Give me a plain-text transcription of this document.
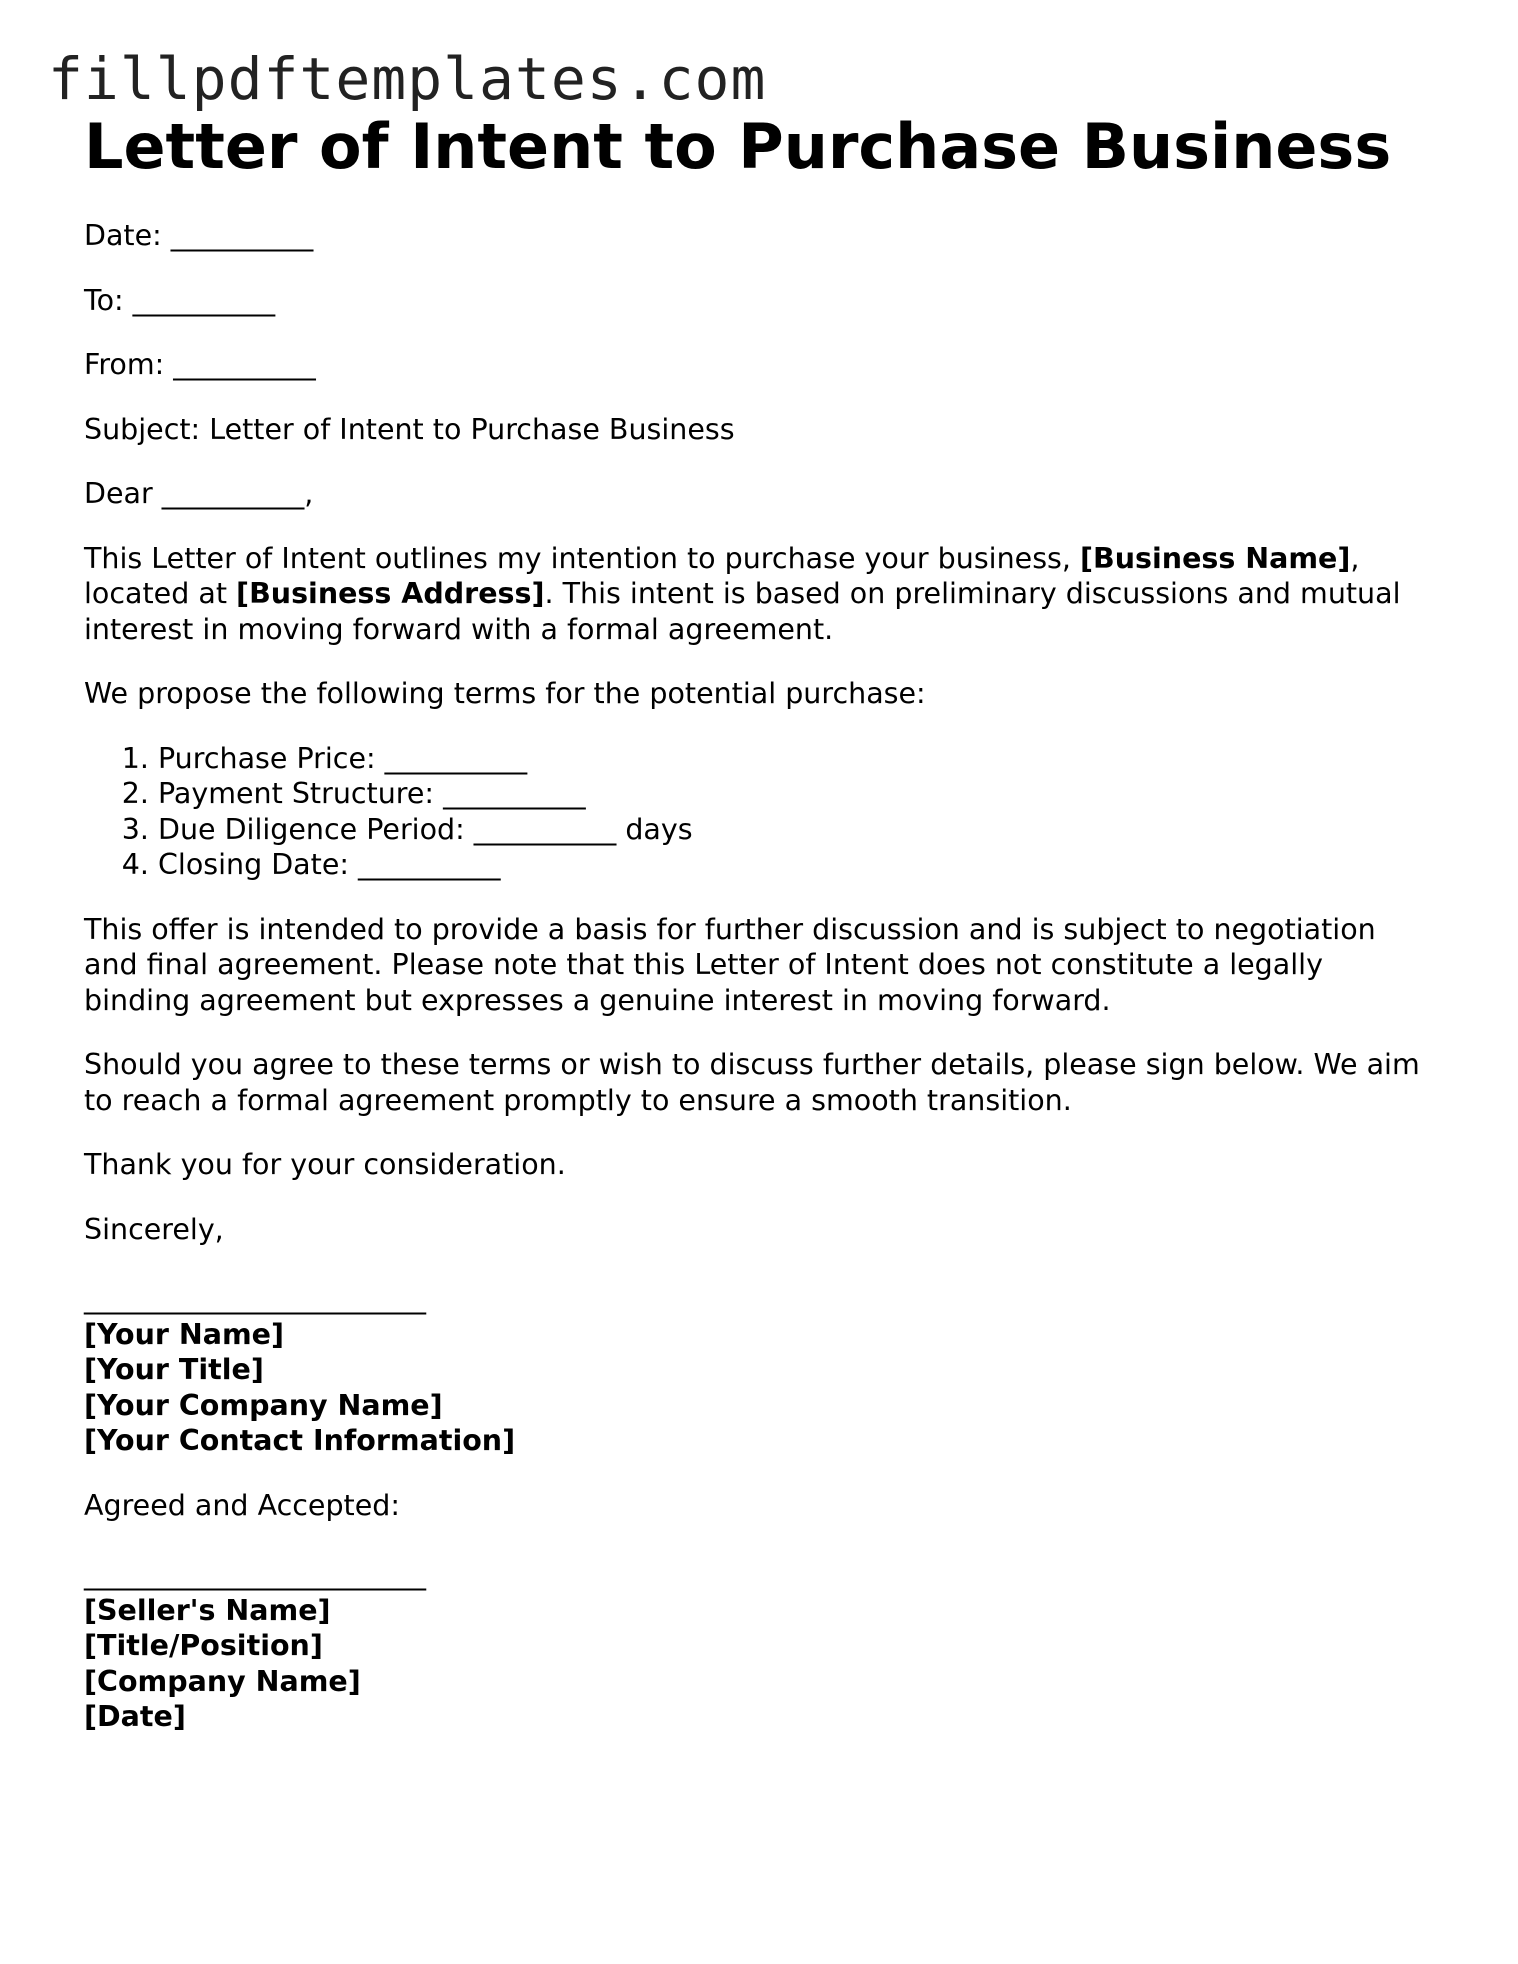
fillpdftemplates.com
Letter of Intent to Purchase Business
Date: __________
To: __________
From: __________
Subject: Letter of Intent to Purchase Business
Dear __________,

This Letter of Intent outlines my intention to purchase your business, [Business Name], located at [Business Address]. This intent is based on preliminary discussions and mutual interest in moving forward with a formal agreement.

We propose the following terms for the potential purchase:

1. Purchase Price: __________
2. Payment Structure: __________
3. Due Diligence Period: __________ days
4. Closing Date: __________

This offer is intended to provide a basis for further discussion and is subject to negotiation and final agreement. Please note that this Letter of Intent does not constitute a legally binding agreement but expresses a genuine interest in moving forward.

Should you agree to these terms or wish to discuss further details, please sign below. We aim to reach a formal agreement promptly to ensure a smooth transition.

Thank you for your consideration.

Sincerely,

________________________
[Your Name]
[Your Title]
[Your Company Name]
[Your Contact Information]

Agreed and Accepted:

________________________
[Seller's Name]
[Title/Position]
[Company Name]
[Date]
